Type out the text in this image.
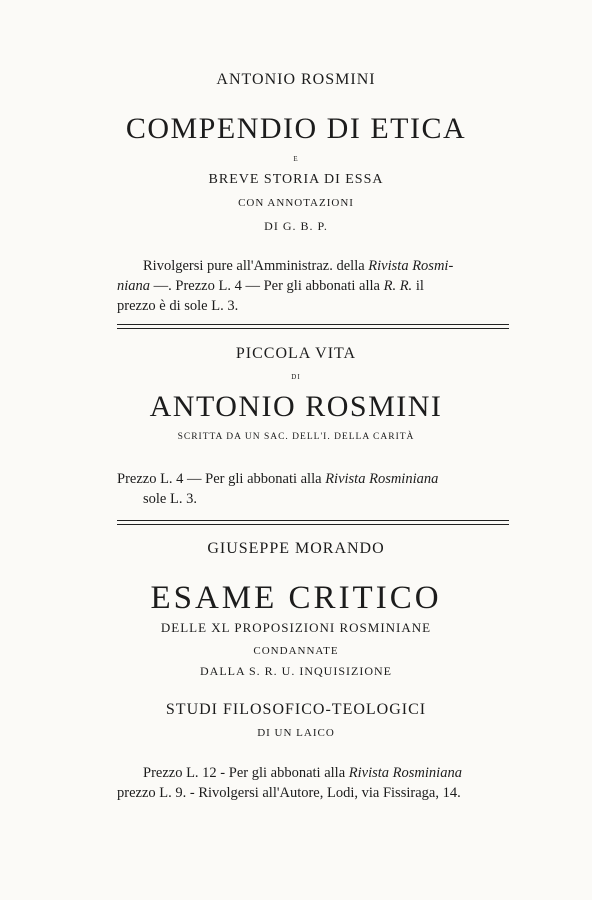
ANTONIO ROSMINI
COMPENDIO DI ETICA
E
BREVE STORIA DI ESSA
CON ANNOTAZIONI
DI G. B. P.
Rivolgersi pure all'Amministraz. della Rivista Rosmi-
niana —. Prezzo L. 4 — Per gli abbonati alla R. R. il
prezzo è di sole L. 3.
PICCOLA VITA
DI
ANTONIO ROSMINI
SCRITTA DA UN SAC. DELL'I. DELLA CARITÀ
Prezzo L. 4 — Per gli abbonati alla Rivista Rosminiana
sole L. 3.
GIUSEPPE MORANDO
ESAME CRITICO
DELLE XL PROPOSIZIONI ROSMINIANE
CONDANNATE
DALLA S. R. U. INQUISIZIONE
STUDI FILOSOFICO-TEOLOGICI
DI UN LAICO
Prezzo L. 12 - Per gli abbonati alla Rivista Rosminiana
prezzo L. 9. - Rivolgersi all'Autore, Lodi, via Fissiraga, 14.
